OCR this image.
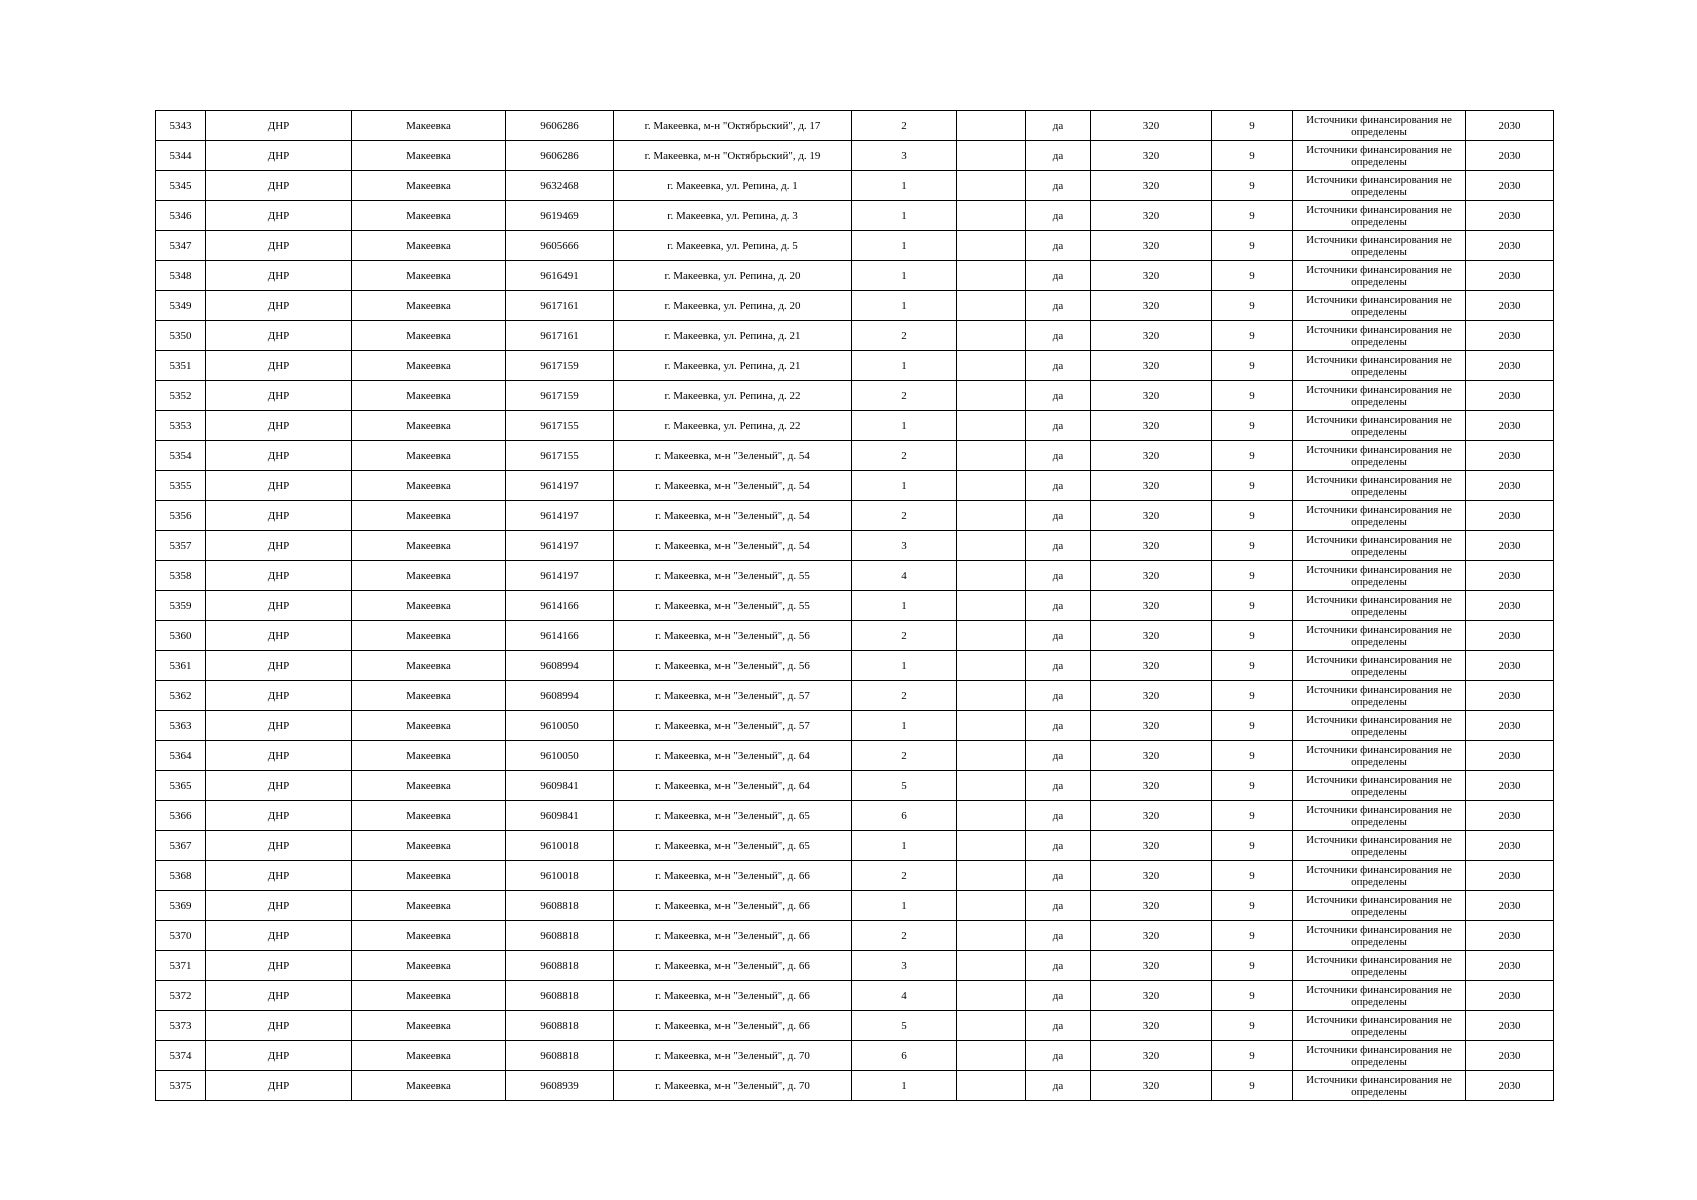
5343	ДНР	Макеевка	9606286	г. Макеевка, м-н "Октябрьский", д. 17	2		да	320	9	Источники финансирования не определены	2030
5344	ДНР	Макеевка	9606286	г. Макеевка, м-н "Октябрьский", д. 19	3		да	320	9	Источники финансирования не определены	2030
5345	ДНР	Макеевка	9632468	г. Макеевка, ул. Репина, д. 1	1		да	320	9	Источники финансирования не определены	2030
5346	ДНР	Макеевка	9619469	г. Макеевка, ул. Репина, д. 3	1		да	320	9	Источники финансирования не определены	2030
5347	ДНР	Макеевка	9605666	г. Макеевка, ул. Репина, д. 5	1		да	320	9	Источники финансирования не определены	2030
5348	ДНР	Макеевка	9616491	г. Макеевка, ул. Репина, д. 20	1		да	320	9	Источники финансирования не определены	2030
5349	ДНР	Макеевка	9617161	г. Макеевка, ул. Репина, д. 20	1		да	320	9	Источники финансирования не определены	2030
5350	ДНР	Макеевка	9617161	г. Макеевка, ул. Репина, д. 21	2		да	320	9	Источники финансирования не определены	2030
5351	ДНР	Макеевка	9617159	г. Макеевка, ул. Репина, д. 21	1		да	320	9	Источники финансирования не определены	2030
5352	ДНР	Макеевка	9617159	г. Макеевка, ул. Репина, д. 22	2		да	320	9	Источники финансирования не определены	2030
5353	ДНР	Макеевка	9617155	г. Макеевка, ул. Репина, д. 22	1		да	320	9	Источники финансирования не определены	2030
5354	ДНР	Макеевка	9617155	г. Макеевка, м-н "Зеленый", д. 54	2		да	320	9	Источники финансирования не определены	2030
5355	ДНР	Макеевка	9614197	г. Макеевка, м-н "Зеленый", д. 54	1		да	320	9	Источники финансирования не определены	2030
5356	ДНР	Макеевка	9614197	г. Макеевка, м-н "Зеленый", д. 54	2		да	320	9	Источники финансирования не определены	2030
5357	ДНР	Макеевка	9614197	г. Макеевка, м-н "Зеленый", д. 54	3		да	320	9	Источники финансирования не определены	2030
5358	ДНР	Макеевка	9614197	г. Макеевка, м-н "Зеленый", д. 55	4		да	320	9	Источники финансирования не определены	2030
5359	ДНР	Макеевка	9614166	г. Макеевка, м-н "Зеленый", д. 55	1		да	320	9	Источники финансирования не определены	2030
5360	ДНР	Макеевка	9614166	г. Макеевка, м-н "Зеленый", д. 56	2		да	320	9	Источники финансирования не определены	2030
5361	ДНР	Макеевка	9608994	г. Макеевка, м-н "Зеленый", д. 56	1		да	320	9	Источники финансирования не определены	2030
5362	ДНР	Макеевка	9608994	г. Макеевка, м-н "Зеленый", д. 57	2		да	320	9	Источники финансирования не определены	2030
5363	ДНР	Макеевка	9610050	г. Макеевка, м-н "Зеленый", д. 57	1		да	320	9	Источники финансирования не определены	2030
5364	ДНР	Макеевка	9610050	г. Макеевка, м-н "Зеленый", д. 64	2		да	320	9	Источники финансирования не определены	2030
5365	ДНР	Макеевка	9609841	г. Макеевка, м-н "Зеленый", д. 64	5		да	320	9	Источники финансирования не определены	2030
5366	ДНР	Макеевка	9609841	г. Макеевка, м-н "Зеленый", д. 65	6		да	320	9	Источники финансирования не определены	2030
5367	ДНР	Макеевка	9610018	г. Макеевка, м-н "Зеленый", д. 65	1		да	320	9	Источники финансирования не определены	2030
5368	ДНР	Макеевка	9610018	г. Макеевка, м-н "Зеленый", д. 66	2		да	320	9	Источники финансирования не определены	2030
5369	ДНР	Макеевка	9608818	г. Макеевка, м-н "Зеленый", д. 66	1		да	320	9	Источники финансирования не определены	2030
5370	ДНР	Макеевка	9608818	г. Макеевка, м-н "Зеленый", д. 66	2		да	320	9	Источники финансирования не определены	2030
5371	ДНР	Макеевка	9608818	г. Макеевка, м-н "Зеленый", д. 66	3		да	320	9	Источники финансирования не определены	2030
5372	ДНР	Макеевка	9608818	г. Макеевка, м-н "Зеленый", д. 66	4		да	320	9	Источники финансирования не определены	2030
5373	ДНР	Макеевка	9608818	г. Макеевка, м-н "Зеленый", д. 66	5		да	320	9	Источники финансирования не определены	2030
5374	ДНР	Макеевка	9608818	г. Макеевка, м-н "Зеленый", д. 70	6		да	320	9	Источники финансирования не определены	2030
5375	ДНР	Макеевка	9608939	г. Макеевка, м-н "Зеленый", д. 70	1		да	320	9	Источники финансирования не определены	2030
